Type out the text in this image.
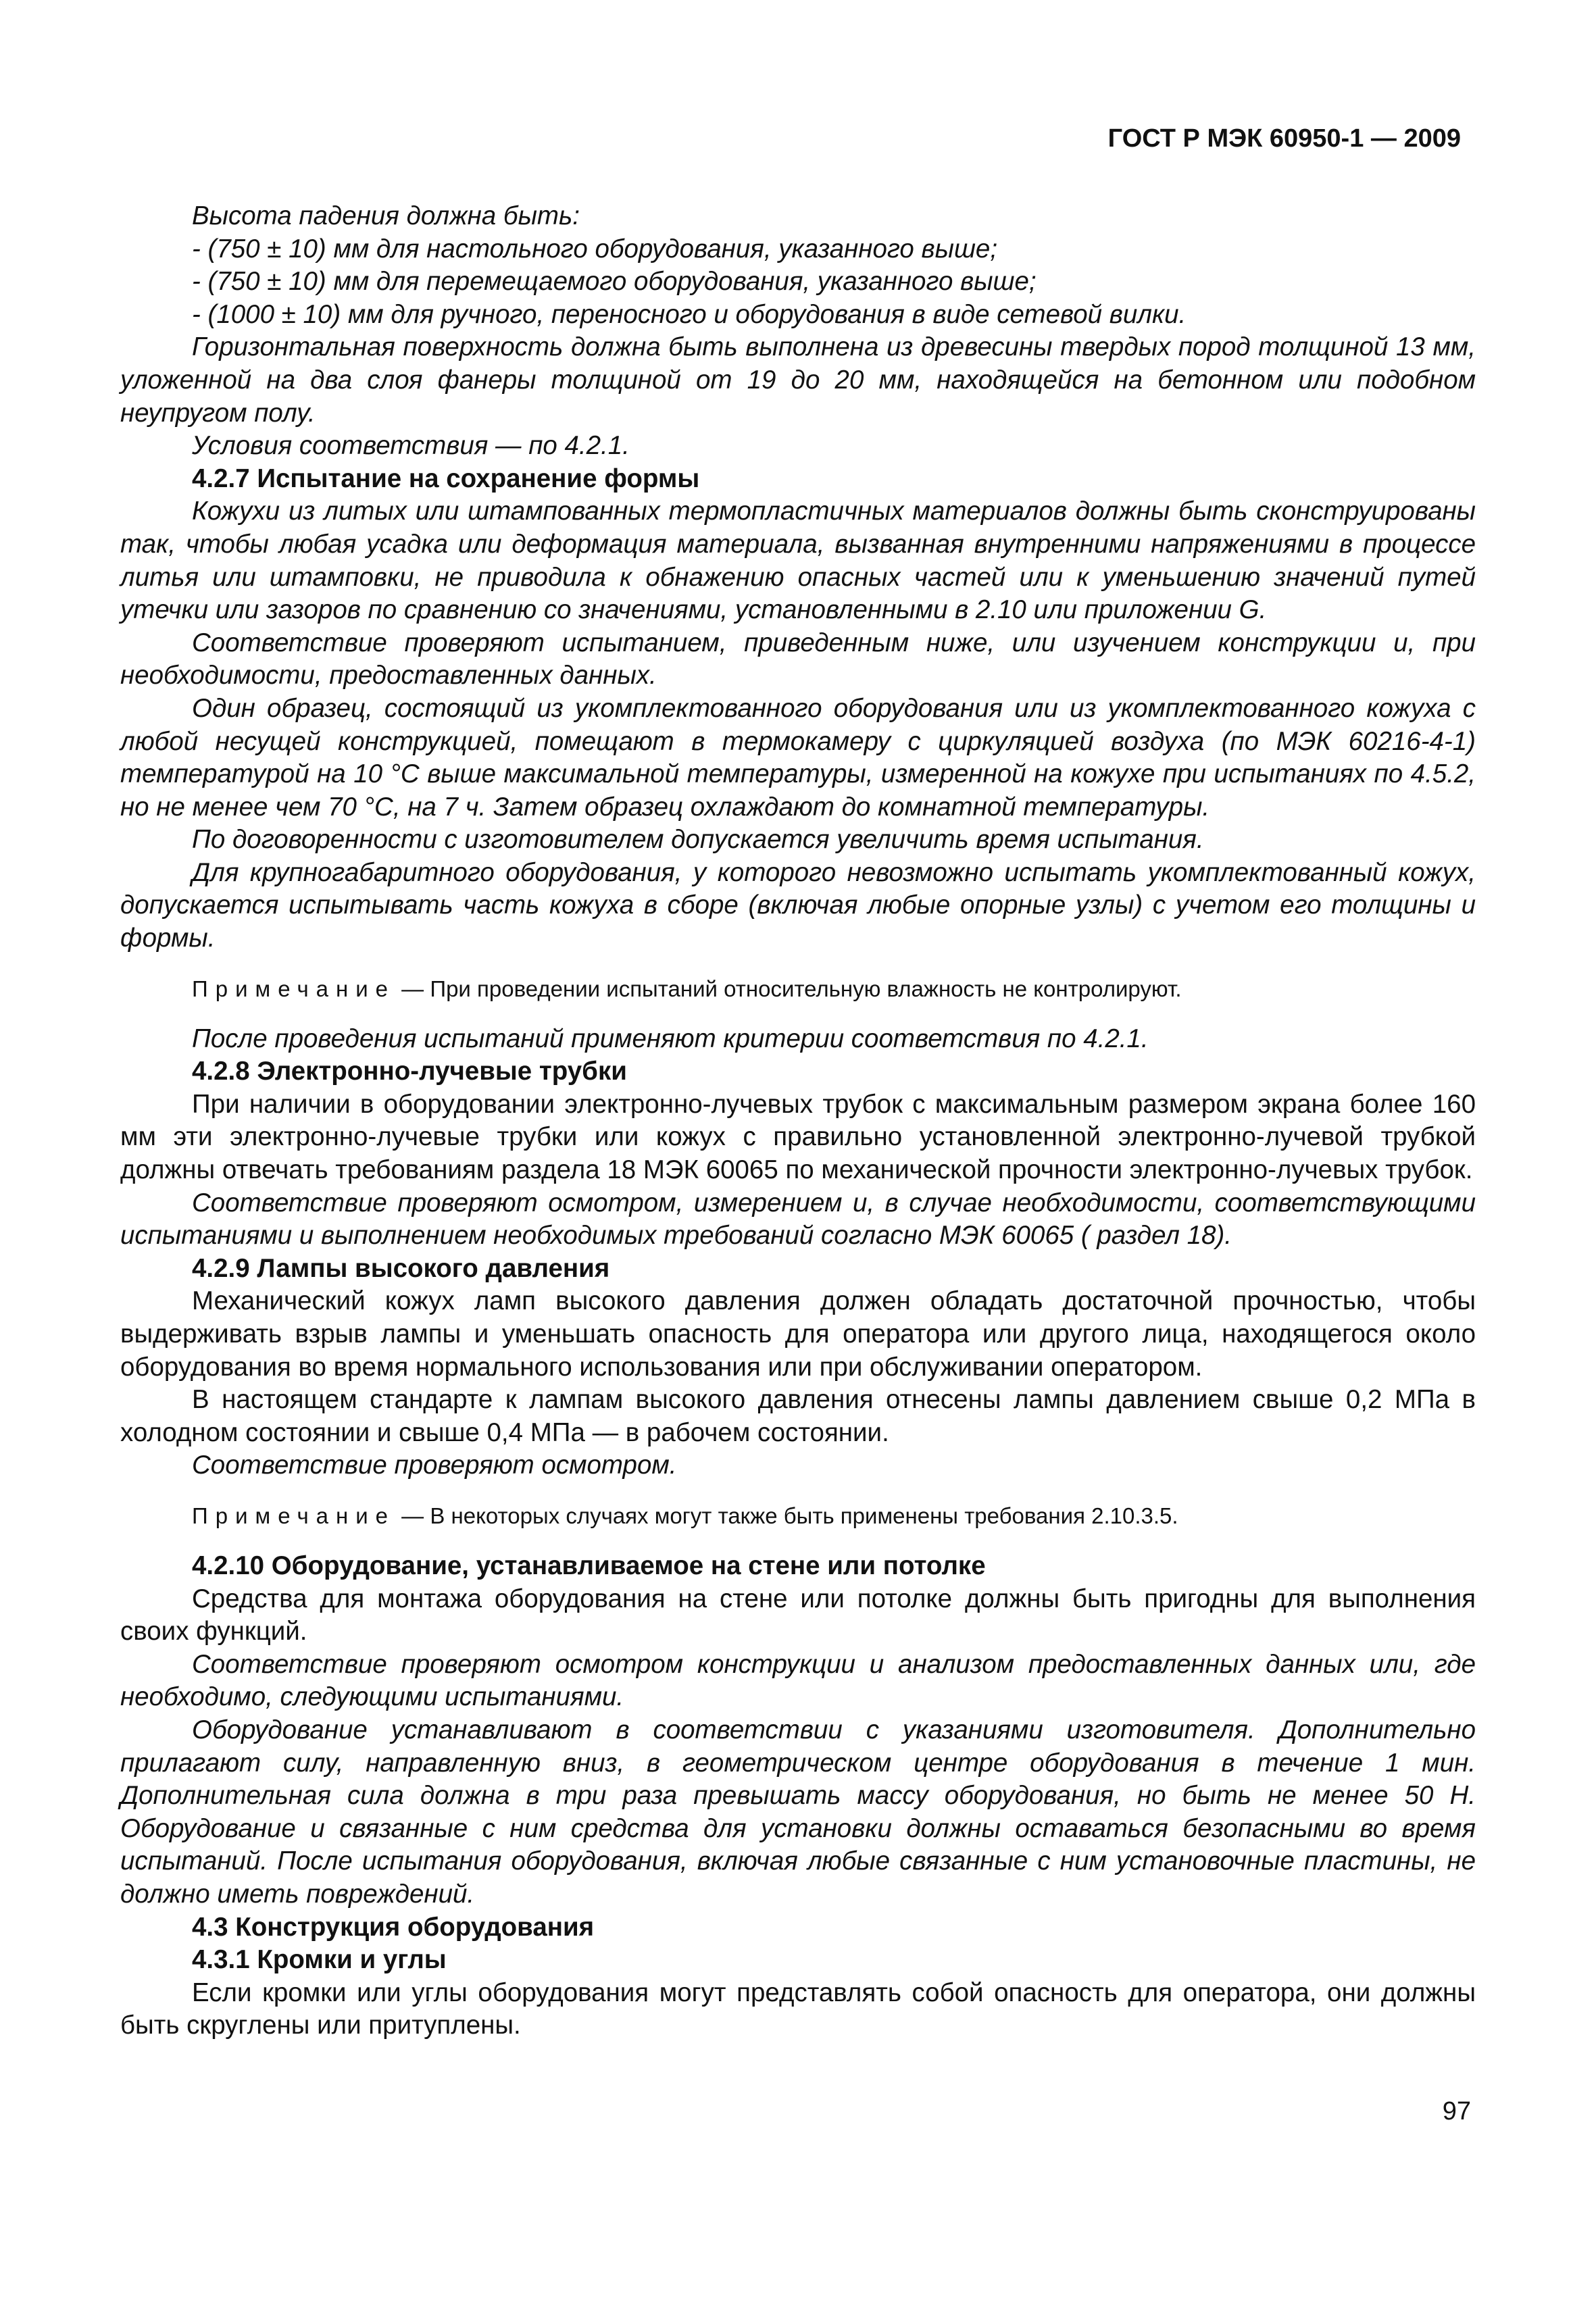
ГОСТ Р МЭК 60950-1 — 2009

Высота падения должна быть:

- (750 ± 10) мм для настольного оборудования, указанного выше;

- (750 ± 10) мм для перемещаемого оборудования, указанного выше;

- (1000 ± 10) мм для ручного, переносного и оборудования в виде сетевой вилки.

Горизонтальная поверхность должна быть выполнена из древесины твердых пород толщиной 13 мм, уложенной на два слоя фанеры толщиной от 19 до 20 мм, находящейся на бетонном или подобном неупругом полу.

Условия соответствия — по 4.2.1.

4.2.7 Испытание на сохранение формы

Кожухи из литых или штампованных термопластичных материалов должны быть сконструированы так, чтобы любая усадка или деформация материала, вызванная внутренними напряжениями в процессе литья или штамповки, не приводила к обнажению опасных частей или к уменьшению значений путей утечки или зазоров по сравнению со значениями, установленными в 2.10 или приложении G.

Соответствие проверяют испытанием, приведенным ниже, или изучением конструкции и, при необходимости, предоставленных данных.

Один образец, состоящий из укомплектованного оборудования или из укомплектованного кожуха с любой несущей конструкцией, помещают в термокамеру с циркуляцией воздуха (по МЭК 60216-4-1) температурой на 10 °С выше максимальной температуры, измеренной на кожухе при испытаниях по 4.5.2, но не менее чем 70 °С, на 7 ч. Затем образец охлаждают до комнатной температуры.

По договоренности с изготовителем допускается увеличить время испытания.

Для крупногабаритного оборудования, у которого невозможно испытать укомплектованный кожух, допускается испытывать часть кожуха в сборе (включая любые опорные узлы) с учетом его толщины и формы.

Примечание — При проведении испытаний относительную влажность не контролируют.

После проведения испытаний применяют критерии соответствия по 4.2.1.

4.2.8 Электронно-лучевые трубки

При наличии в оборудовании электронно-лучевых трубок с максимальным размером экрана более 160 мм эти электронно-лучевые трубки или кожух с правильно установленной электронно-лучевой трубкой должны отвечать требованиям раздела 18 МЭК 60065 по механической прочности электронно-лучевых трубок.

Соответствие проверяют осмотром, измерением и, в случае необходимости, соответствующими испытаниями и выполнением необходимых требований согласно МЭК 60065 ( раздел 18).

4.2.9 Лампы высокого давления

Механический кожух ламп высокого давления должен обладать достаточной прочностью, чтобы выдерживать взрыв лампы и уменьшать опасность для оператора или другого лица, находящегося около оборудования во время нормального использования или при обслуживании оператором.

В настоящем стандарте к лампам высокого давления отнесены лампы давлением свыше 0,2 МПа в холодном состоянии и свыше 0,4 МПа — в рабочем состоянии.

Соответствие проверяют осмотром.

Примечание — В некоторых случаях могут также быть применены требования 2.10.3.5.

4.2.10 Оборудование, устанавливаемое на стене или потолке

Средства для монтажа оборудования на стене или потолке должны быть пригодны для выполнения своих функций.

Соответствие проверяют осмотром конструкции и анализом предоставленных данных или, где необходимо, следующими испытаниями.

Оборудование устанавливают в соответствии с указаниями изготовителя. Дополнительно прилагают силу, направленную вниз, в геометрическом центре оборудования в течение 1 мин. Дополнительная сила должна в три раза превышать массу оборудования, но быть не менее 50 Н. Оборудование и связанные с ним средства для установки должны оставаться безопасными во время испытаний. После испытания оборудования, включая любые связанные с ним установочные пластины, не должно иметь повреждений.

4.3 Конструкция оборудования

4.3.1 Кромки и углы

Если кромки или углы оборудования могут представлять собой опасность для оператора, они должны быть скруглены или притуплены.

97
